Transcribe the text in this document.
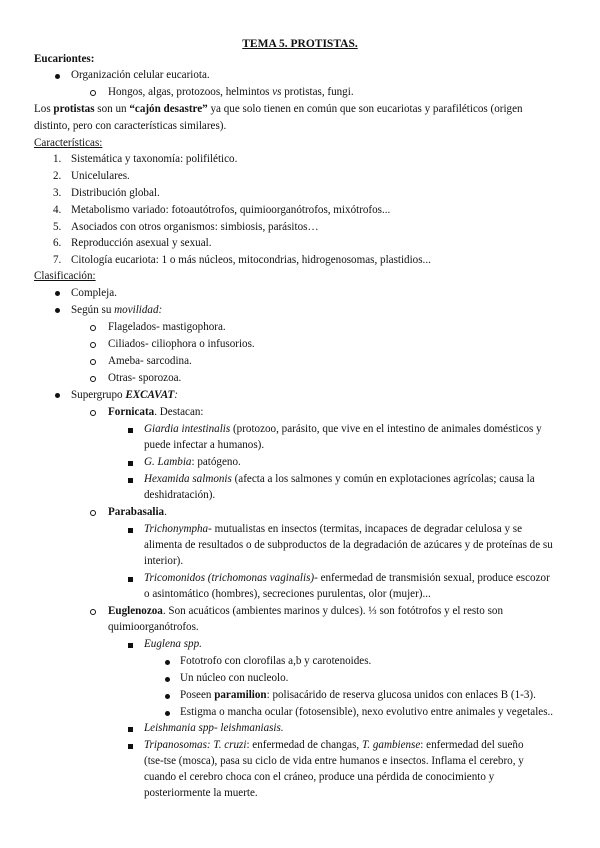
TEMA 5. PROTISTAS.
Eucariontes:
Organización celular eucariota.
Hongos, algas, protozoos, helmintos vs protistas, fungi.
Los protistas son un “cajón desastre” ya que solo tienen en común que son eucariotas y parafiléticos (origen
distinto, pero con características similares).
Características:
1. Sistemática y taxonomía: polifilético.
2. Unicelulares.
3. Distribución global.
4. Metabolismo variado: fotoautótrofos, quimioorganótrofos, mixótrofos...
5. Asociados con otros organismos: simbiosis, parásitos…
6. Reproducción asexual y sexual.
7. Citología eucariota: 1 o más núcleos, mitocondrias, hidrogenosomas, plastidios...
Clasificación:
Compleja.
Según su movilidad:
Flagelados- mastigophora.
Ciliados- ciliophora o infusorios.
Ameba- sarcodina.
Otras- sporozoa.
Supergrupo EXCAVAT:
Fornicata. Destacan:
Giardia intestinalis (protozoo, parásito, que vive en el intestino de animales domésticos y
puede infectar a humanos).
G. Lambia: patógeno.
Hexamida salmonis (afecta a los salmones y común en explotaciones agrícolas; causa la
deshidratación).
Parabasalia.
Trichonympha- mutualistas en insectos (termitas, incapaces de degradar celulosa y se
alimenta de resultados o de subproductos de la degradación de azúcares y de proteínas de su
interior).
Tricomonidos (trichomonas vaginalis)- enfermedad de transmisión sexual, produce escozor
o asintomático (hombres), secreciones purulentas, olor (mujer)...
Euglenozoa. Son acuáticos (ambientes marinos y dulces). ⅓ son fotótrofos y el resto son
quimioorganótrofos.
Euglena spp.
Fototrofo con clorofilas a,b y carotenoides.
Un núcleo con nucleolo.
Poseen paramilion: polisacárido de reserva glucosa unidos con enlaces B (1-3).
Estigma o mancha ocular (fotosensible), nexo evolutivo entre animales y vegetales..
Leishmania spp- leishmaniasis.
Tripanosomas: T. cruzi: enfermedad de changas, T. gambiense: enfermedad del sueño
(tse-tse (mosca), pasa su ciclo de vida entre humanos e insectos. Inflama el cerebro, y
cuando el cerebro choca con el cráneo, produce una pérdida de conocimiento y
posteriormente la muerte.
